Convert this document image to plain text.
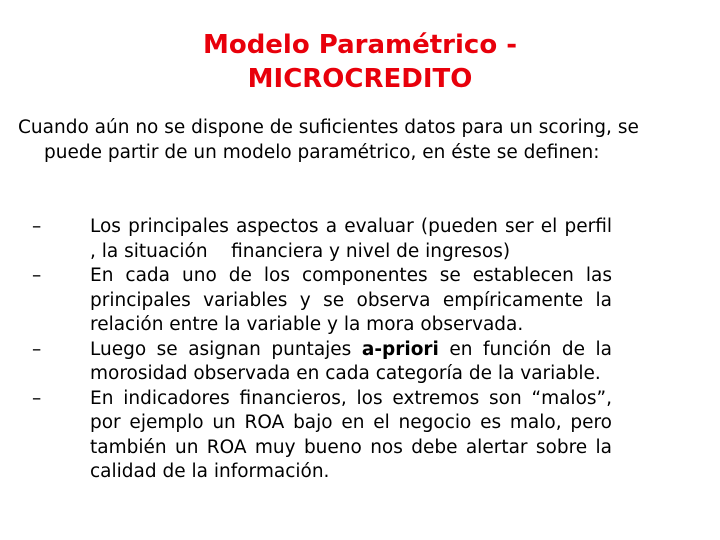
Modelo Paramétrico -
MICROCREDITO

Cuando aún no se dispone de suficientes datos para un scoring, se puede partir de un modelo paramétrico, en éste se definen:

–	Los principales aspectos a evaluar (pueden ser el perfil , la situación    financiera y nivel de ingresos)
–	En cada uno de los componentes se establecen las principales variables y se observa empíricamente la relación entre la variable y la mora observada.
–	Luego se asignan puntajes a-priori en función de la morosidad observada en cada categoría de la variable.
–	En indicadores financieros, los extremos son “malos”, por ejemplo un ROA bajo en el negocio es malo, pero también un ROA muy bueno nos debe alertar sobre la calidad de la información.
